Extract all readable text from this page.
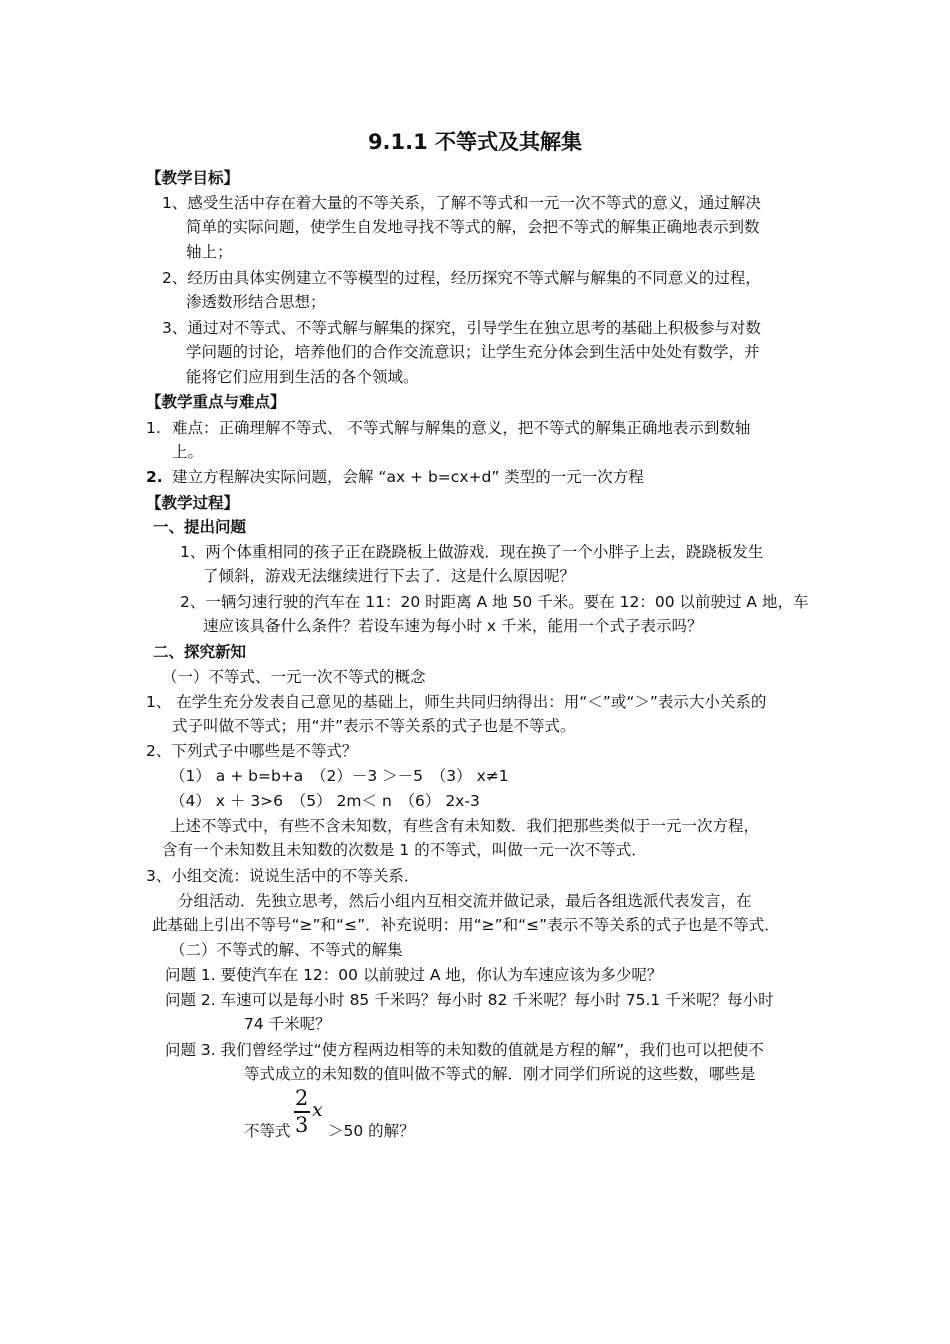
9.1.1 不等式及其解集
【教学目标】
1、感受生活中存在着大量的不等关系，了解不等式和一元一次不等式的意义，通过解决
简单的实际问题，使学生自发地寻找不等式的解，会把不等式的解集正确地表示到数
轴上；
2、经历由具体实例建立不等模型的过程，经历探究不等式解与解集的不同意义的过程，
渗透数形结合思想；
3、通过对不等式、不等式解与解集的探究，引导学生在独立思考的基础上积极参与对数
学问题的讨论，培养他们的合作交流意识；让学生充分体会到生活中处处有数学，并
能将它们应用到生活的各个领域。
【教学重点与难点】
1. 难点：正确理解不等式、 不等式解与解集的意义，把不等式的解集正确地表示到数轴
上。
2. 建立方程解决实际问题，会解 “ax + b=cx+d” 类型的一元一次方程
【教学过程】
一、提出问题
1、两个体重相同的孩子正在跷跷板上做游戏．现在换了一个小胖子上去，跷跷板发生
了倾斜，游戏无法继续进行下去了．这是什么原因呢？
2、一辆匀速行驶的汽车在 11：20 时距离 A 地 50 千米。要在 12：00 以前驶过 A 地，车
速应该具备什么条件？若设车速为每小时 x 千米，能用一个式子表示吗？
二、探究新知
（一）不等式、一元一次不等式的概念
1、 在学生充分发表自己意见的基础上，师生共同归纳得出：用“＜”或“＞”表示大小关系的
式子叫做不等式；用“并”表示不等关系的式子也是不等式。
2、下列式子中哪些是不等式？
（1） a + b=b+a　（2）－3 ＞－5　（3） x≠1
（4） x ＋ 3>6　（5） 2m＜ n　（6） 2x-3
上述不等式中，有些不含未知数，有些含有未知数．我们把那些类似于一元一次方程，
含有一个未知数且未知数的次数是 1 的不等式，叫做一元一次不等式．
3、小组交流：说说生活中的不等关系．
分组活动．先独立思考，然后小组内互相交流并做记录，最后各组选派代表发言，在
此基础上引出不等号“≥”和“≤”．补充说明：用“≥”和“≤”表示不等关系的式子也是不等式．
（二）不等式的解、不等式的解集
问题 1. 要使汽车在 12：00 以前驶过 A 地，你认为车速应该为多少呢？
问题 2. 车速可以是每小时 85 千米吗？每小时 82 千米呢？每小时 75.1 千米呢？每小时
74 千米呢？
问题 3. 我们曾经学过“使方程两边相等的未知数的值就是方程的解”，我们也可以把使不
等式成立的未知数的值叫做不等式的解．刚才同学们所说的这些数，哪些是
不等式
2
3
x
＞50 的解？
